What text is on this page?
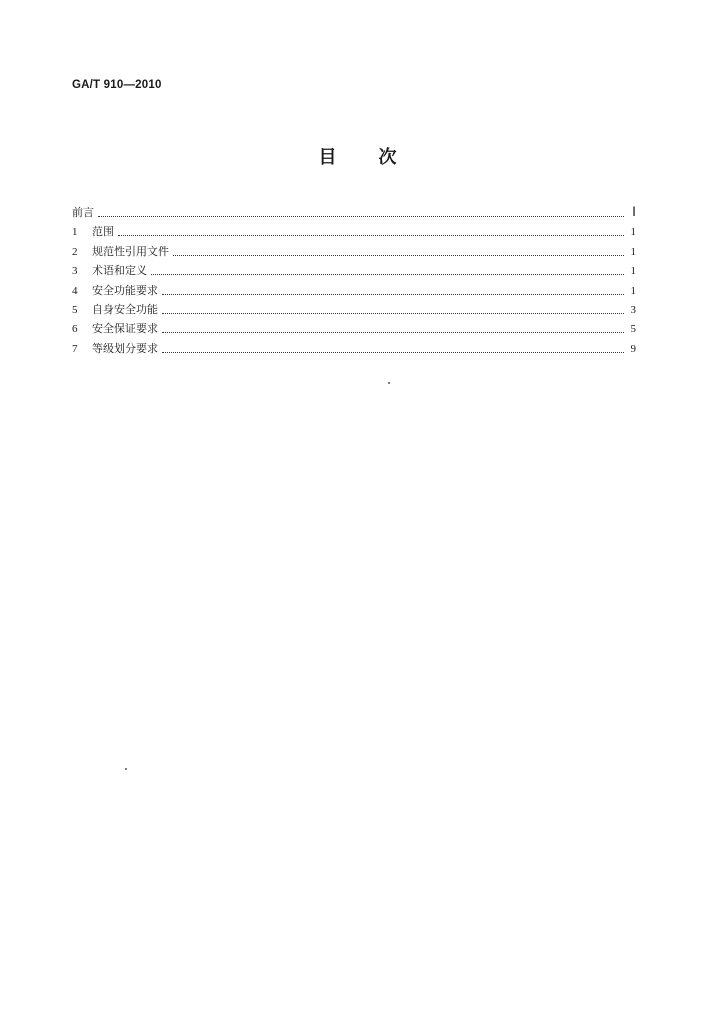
GA/T 910—2010
目次
前言	Ⅰ
1	范围	1
2	规范性引用文件	1
3	术语和定义	1
4	安全功能要求	1
5	自身安全功能	3
6	安全保证要求	5
7	等级划分要求	9
